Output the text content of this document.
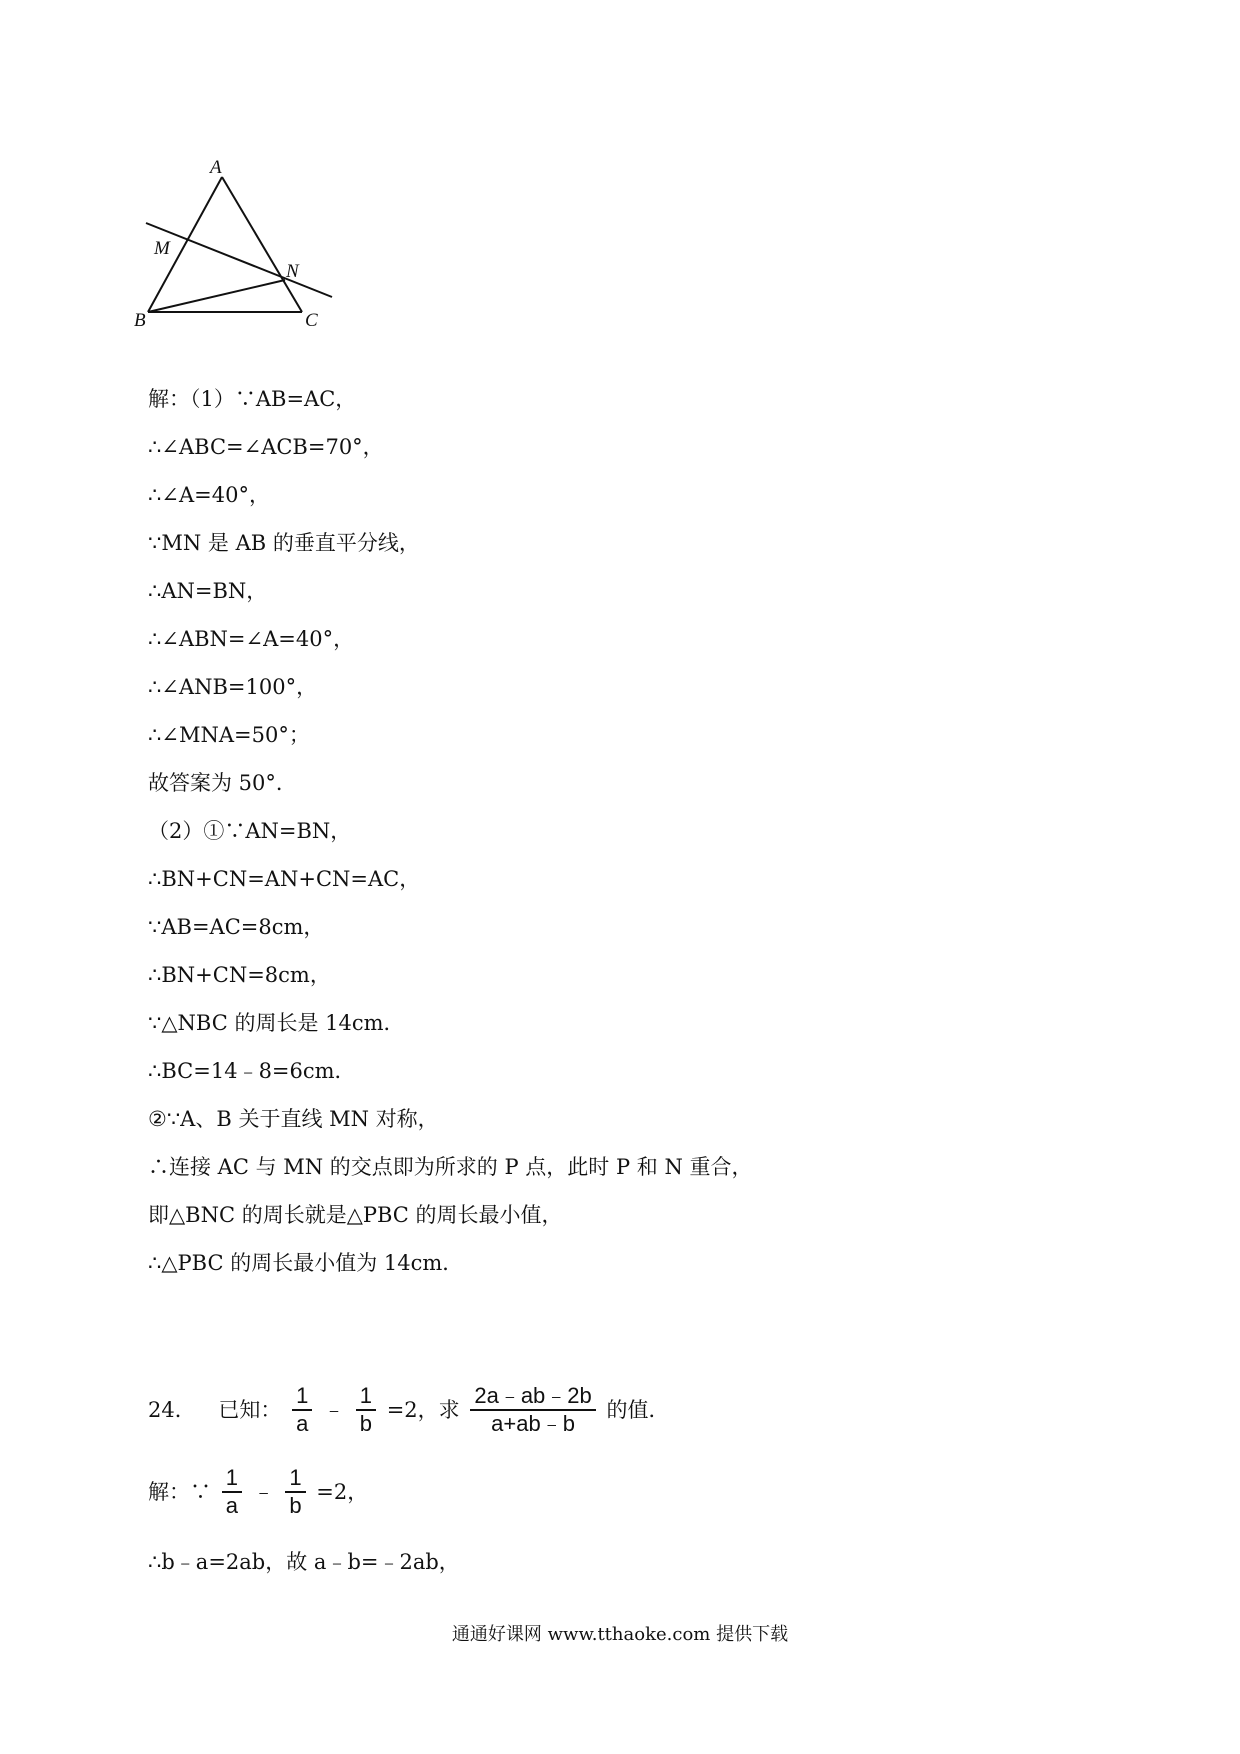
A
B	C
M
N
解：（1）∵AB=AC，
∴∠ABC=∠ACB=70°，
∴∠A=40°，
∵MN 是 AB 的垂直平分线，
∴AN=BN，
∴∠ABN=∠A=40°，
∴∠ANB=100°，
∴∠MNA=50°；
故答案为 50°．
（2）①∵AN=BN，
∴BN+CN=AN+CN=AC，
∵AB=AC=8cm，
∴BN+CN=8cm，
∵△NBC 的周长是 14cm．
∴BC=14﹣8=6cm．
②∵A、B 关于直线 MN 对称，
∴连接 AC 与 MN 的交点即为所求的 P 点，此时 P 和 N 重合，
即△BNC 的周长就是△PBC 的周长最小值，
∴△PBC 的周长最小值为 14cm．
24． 已知： $\frac{1}{a}$ ﹣ $\frac{1}{b} =2$，求 $\frac{2a﹣ab﹣2b}{a+ab﹣b}$ 的值．
解：∵ $\frac{1}{a}$ ﹣ $\frac{1}{b} =2$，
∴b﹣a=2ab，故 a﹣b=﹣2ab，
通通好课网 www.tthaoke.com 提供下载
